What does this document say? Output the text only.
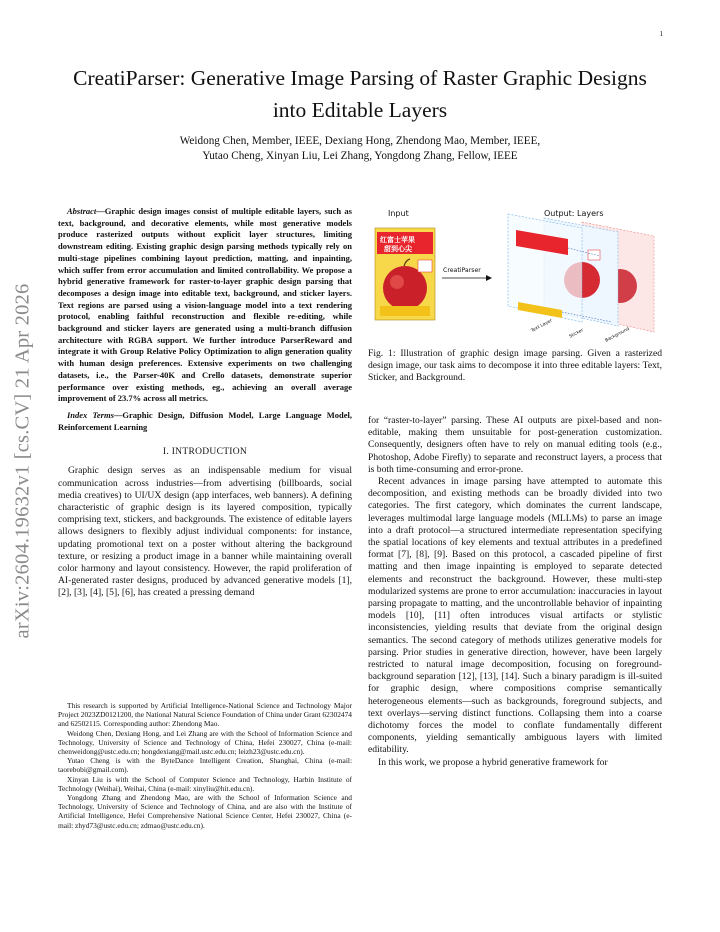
1
arXiv:2604.19632v1 [cs.CV] 21 Apr 2026
CreatiParser: Generative Image Parsing of Raster Graphic Designs
into Editable Layers
Weidong Chen, Member, IEEE, Dexiang Hong, Zhendong Mao, Member, IEEE,
Yutao Cheng, Xinyan Liu, Lei Zhang, Yongdong Zhang, Fellow, IEEE

Abstract—Graphic design images consist of multiple editable layers, such as text, background, and decorative elements, while most generative models produce rasterized outputs without explicit layer structures, limiting downstream editing. Existing graphic design parsing methods typically rely on multi-stage pipelines combining layout prediction, matting, and inpainting, which suffer from error accumulation and limited controllability. We propose a hybrid generative framework for raster-to-layer graphic design parsing that decomposes a design image into editable text, background, and sticker layers. Text regions are parsed using a vision-language model into a text rendering protocol, enabling faithful reconstruction and flexible re-editing, while background and sticker layers are generated using a multi-branch diffusion architecture with RGBA support. We further introduce ParserReward and integrate it with Group Relative Policy Optimization to align generation quality with human design preferences. Extensive experiments on two challenging datasets, i.e., the Parser-40K and Crello datasets, demonstrate superior performance over existing methods, eg., achieving an overall average improvement of 23.7% across all metrics.

Index Terms—Graphic Design, Diffusion Model, Large Language Model, Reinforcement Learning

I. INTRODUCTION

Graphic design serves as an indispensable medium for visual communication across industries—from advertising (billboards, social media creatives) to UI/UX design (app interfaces, web banners). A defining characteristic of graphic design is its layered composition, typically comprising text, stickers, and backgrounds. The existence of editable layers allows designers to flexibly adjust individual components: for instance, updating promotional text on a poster without altering the background texture, or resizing a product image in a banner while maintaining overall color harmony and layout consistency. However, the rapid proliferation of AI-generated raster designs, produced by advanced generative models [1], [2], [3], [4], [5], [6], has created a pressing demand

This research is supported by Artificial Intelligence-National Science and Technology Major Project 2023ZD0121200, the National Natural Science Foundation of China under Grant 62302474 and 62502115. Corresponding author: Zhendong Mao.

Weidong Chen, Dexiang Hong, and Lei Zhang are with the School of Information Science and Technology, University of Science and Technology of China, Hefei 230027, China (e-mail: chenweidong@ustc.edu.cn; hongdexiang@mail.ustc.edu.cn; leizh23@ustc.edu.cn).

Yutao Cheng is with the ByteDance Intelligent Creation, Shanghai, China (e-mail: taorebobi@gmail.com).

Xinyan Liu is with the School of Computer Science and Technology, Harbin Institute of Technology (Weihai), Weihai, China (e-mail: xinyliu@hit.edu.cn).

Yongdong Zhang and Zhendong Mao, are with the School of Information Science and Technology, University of Science and Technology of China, and are also with the Institute of Artificial Intelligence, Hefei Comprehensive National Science Center, Hefei 230027, China (e-mail: zhyd73@ustc.edu.cn; zdmao@ustc.edu.cn).

Input	Output: Layers
红富士苹果
甜到心尖
CreatiParser
Text Layer
Sticker	Background
Fig. 1: Illustration of graphic design image parsing. Given a rasterized design image, our task aims to decompose it into three editable layers: Text, Sticker, and Background.

for “raster-to-layer” parsing. These AI outputs are pixel-based and non-editable, making them unsuitable for post-generation customization. Consequently, designers often have to rely on manual editing tools (e.g., Photoshop, Adobe Firefly) to separate and reconstruct layers, a process that is both time-consuming and error-prone.

Recent advances in image parsing have attempted to automate this decomposition, and existing methods can be broadly divided into two categories. The first category, which dominates the current landscape, leverages multimodal large language models (MLLMs) to parse an image into a draft protocol—a structured intermediate representation specifying the spatial locations of key elements and textual attributes in a predefined format [7], [8], [9]. Based on this protocol, a cascaded pipeline of first matting and then image inpainting is employed to separate detected elements and reconstruct the background. However, these multi-step modularized systems are prone to error accumulation: inaccuracies in layout parsing propagate to matting, and the uncontrollable behavior of inpainting models [10], [11] often introduces visual artifacts or stylistic inconsistencies, yielding results that deviate from the original design semantics. The second category of methods utilizes generative models for parsing. Prior studies in generative direction, however, have been largely restricted to natural image decomposition, focusing on foreground-background separation [12], [13], [14]. Such a binary paradigm is ill-suited for graphic design, where compositions comprise semantically heterogeneous elements—such as backgrounds, foreground subjects, and text overlays—serving distinct functions. Collapsing them into a coarse dichotomy forces the model to conflate fundamentally different components, yielding semantically ambiguous layers with limited editability.

In this work, we propose a hybrid generative framework for
